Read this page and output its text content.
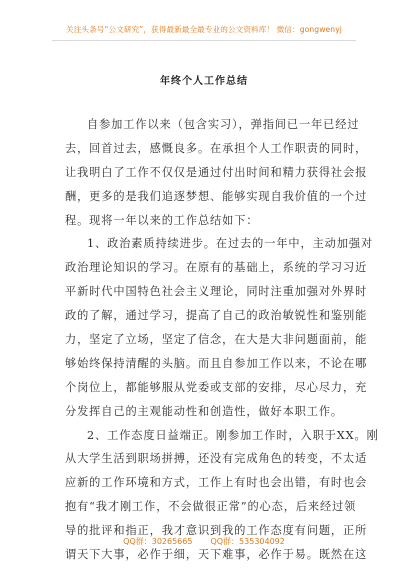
关注头条号“公文研究”，获得最新最全最专业的公文资料库！ 微信：gongwenyj
年终个人工作总结
自参加工作以来（包含实习），弹指间已一年已经过
去，回首过去，感慨良多。在承担个人工作职责的同时，
让我明白了工作不仅仅是通过付出时间和精力获得社会报
酬，更多的是我们追逐梦想、能够实现自我价值的一个过
程。现将一年以来的工作总结如下：
1、政治素质持续进步。在过去的一年中，主动加强对
政治理论知识的学习。在原有的基础上，系统的学习习近
平新时代中国特色社会主义理论，同时注重加强对外界时
政的了解，通过学习，提高了自己的政治敏锐性和鉴别能
力，坚定了立场，坚定了信念，在大是大非问题面前，能
够始终保持清醒的头脑。而且自参加工作以来，不论在哪
个岗位上，都能够服从党委或支部的安排，尽心尽力，充
分发挥自己的主观能动性和创造性，做好本职工作。
2、工作态度日益端正。刚参加工作时，入职于XX。刚
从大学生活到职场拼搏，还没有完成角色的转变，不太适
应新的工作环境和方式，工作上有时也会出错，有时也会
抱有“我才刚工作，不会做很正常”的心态，后来经过领
导的批评和指正，我才意识到我的工作态度有问题，正所
谓天下大事，必作于细，天下难事，必作于易。既然在这
QQ群：30265665 QQ群：535304092
